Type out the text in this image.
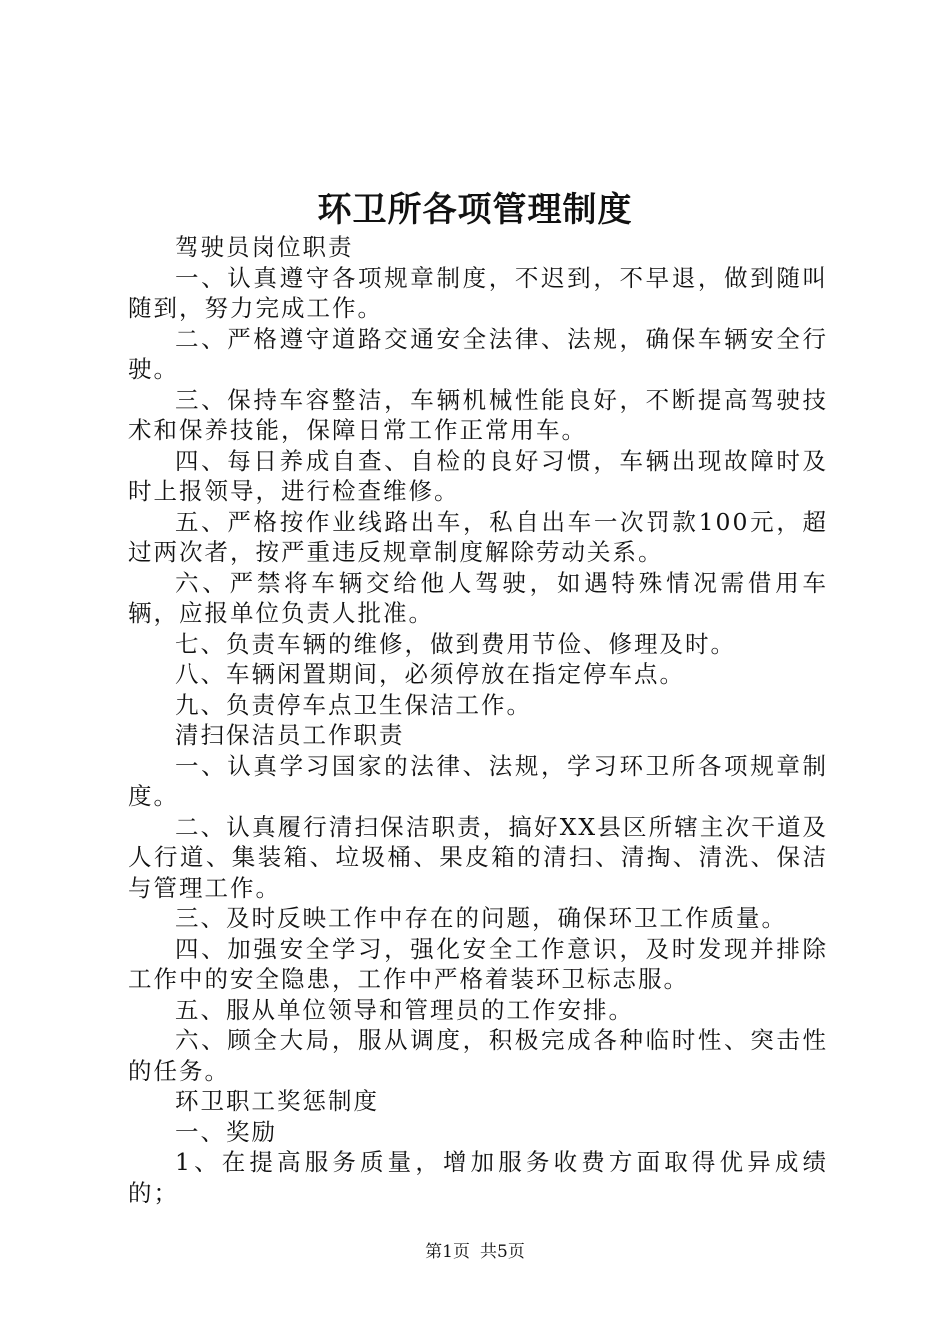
环卫所各项管理制度

驾驶员岗位职责

一、认真遵守各项规章制度，不迟到，不早退，做到随叫随到，努力完成工作。

二、严格遵守道路交通安全法律、法规，确保车辆安全行驶。

三、保持车容整洁，车辆机械性能良好，不断提高驾驶技术和保养技能，保障日常工作正常用车。

四、每日养成自查、自检的良好习惯，车辆出现故障时及时上报领导，进行检查维修。

五、严格按作业线路出车，私自出车一次罚款100元，超过两次者，按严重违反规章制度解除劳动关系。

六、严禁将车辆交给他人驾驶，如遇特殊情况需借用车辆，应报单位负责人批准。

七、负责车辆的维修，做到费用节俭、修理及时。

八、车辆闲置期间，必须停放在指定停车点。

九、负责停车点卫生保洁工作。

清扫保洁员工作职责

一、认真学习国家的法律、法规，学习环卫所各项规章制度。

二、认真履行清扫保洁职责，搞好XX县区所辖主次干道及人行道、集装箱、垃圾桶、果皮箱的清扫、清掏、清洗、保洁与管理工作。

三、及时反映工作中存在的问题，确保环卫工作质量。

四、加强安全学习，强化安全工作意识，及时发现并排除工作中的安全隐患，工作中严格着装环卫标志服。

五、服从单位领导和管理员的工作安排。

六、顾全大局，服从调度，积极完成各种临时性、突击性的任务。

环卫职工奖惩制度

一、奖励

1、在提高服务质量，增加服务收费方面取得优异成绩的；

第1页 共5页
